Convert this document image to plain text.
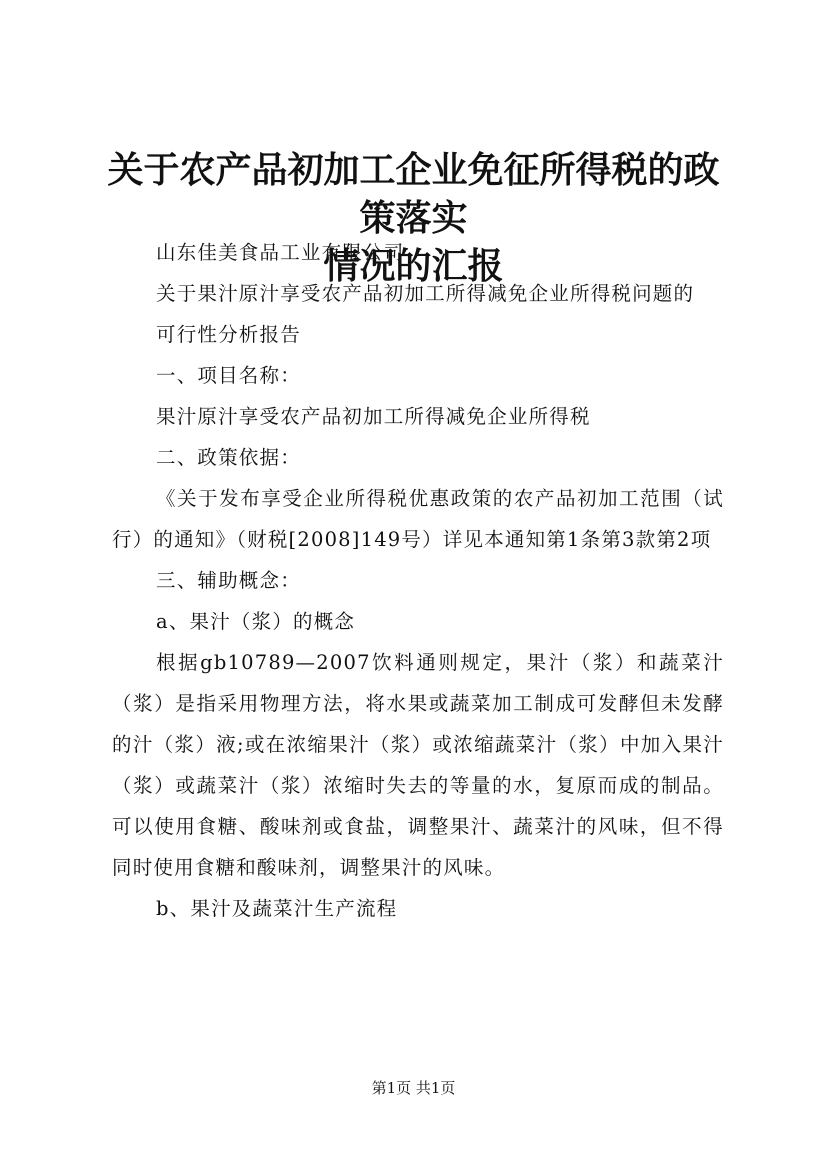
关于农产品初加工企业免征所得税的政策落实
情况的汇报

山东佳美食品工业有限公司

关于果汁原汁享受农产品初加工所得减免企业所得税问题的

可行性分析报告

一、项目名称：

果汁原汁享受农产品初加工所得减免企业所得税

二、政策依据：

《关于发布享受企业所得税优惠政策的农产品初加工范围（试行）的通知》（财税[2008]149号）详见本通知第1条第3款第2项

三、辅助概念：

a、果汁（浆）的概念

根据gb10789—2007饮料通则规定，果汁（浆）和蔬菜汁（浆）是指采用物理方法，将水果或蔬菜加工制成可发酵但未发酵的汁（浆）液;或在浓缩果汁（浆）或浓缩蔬菜汁（浆）中加入果汁（浆）或蔬菜汁（浆）浓缩时失去的等量的水，复原而成的制品。可以使用食糖、酸味剂或食盐，调整果汁、蔬菜汁的风味，但不得同时使用食糖和酸味剂，调整果汁的风味。

b、果汁及蔬菜汁生产流程

第1页 共1页
